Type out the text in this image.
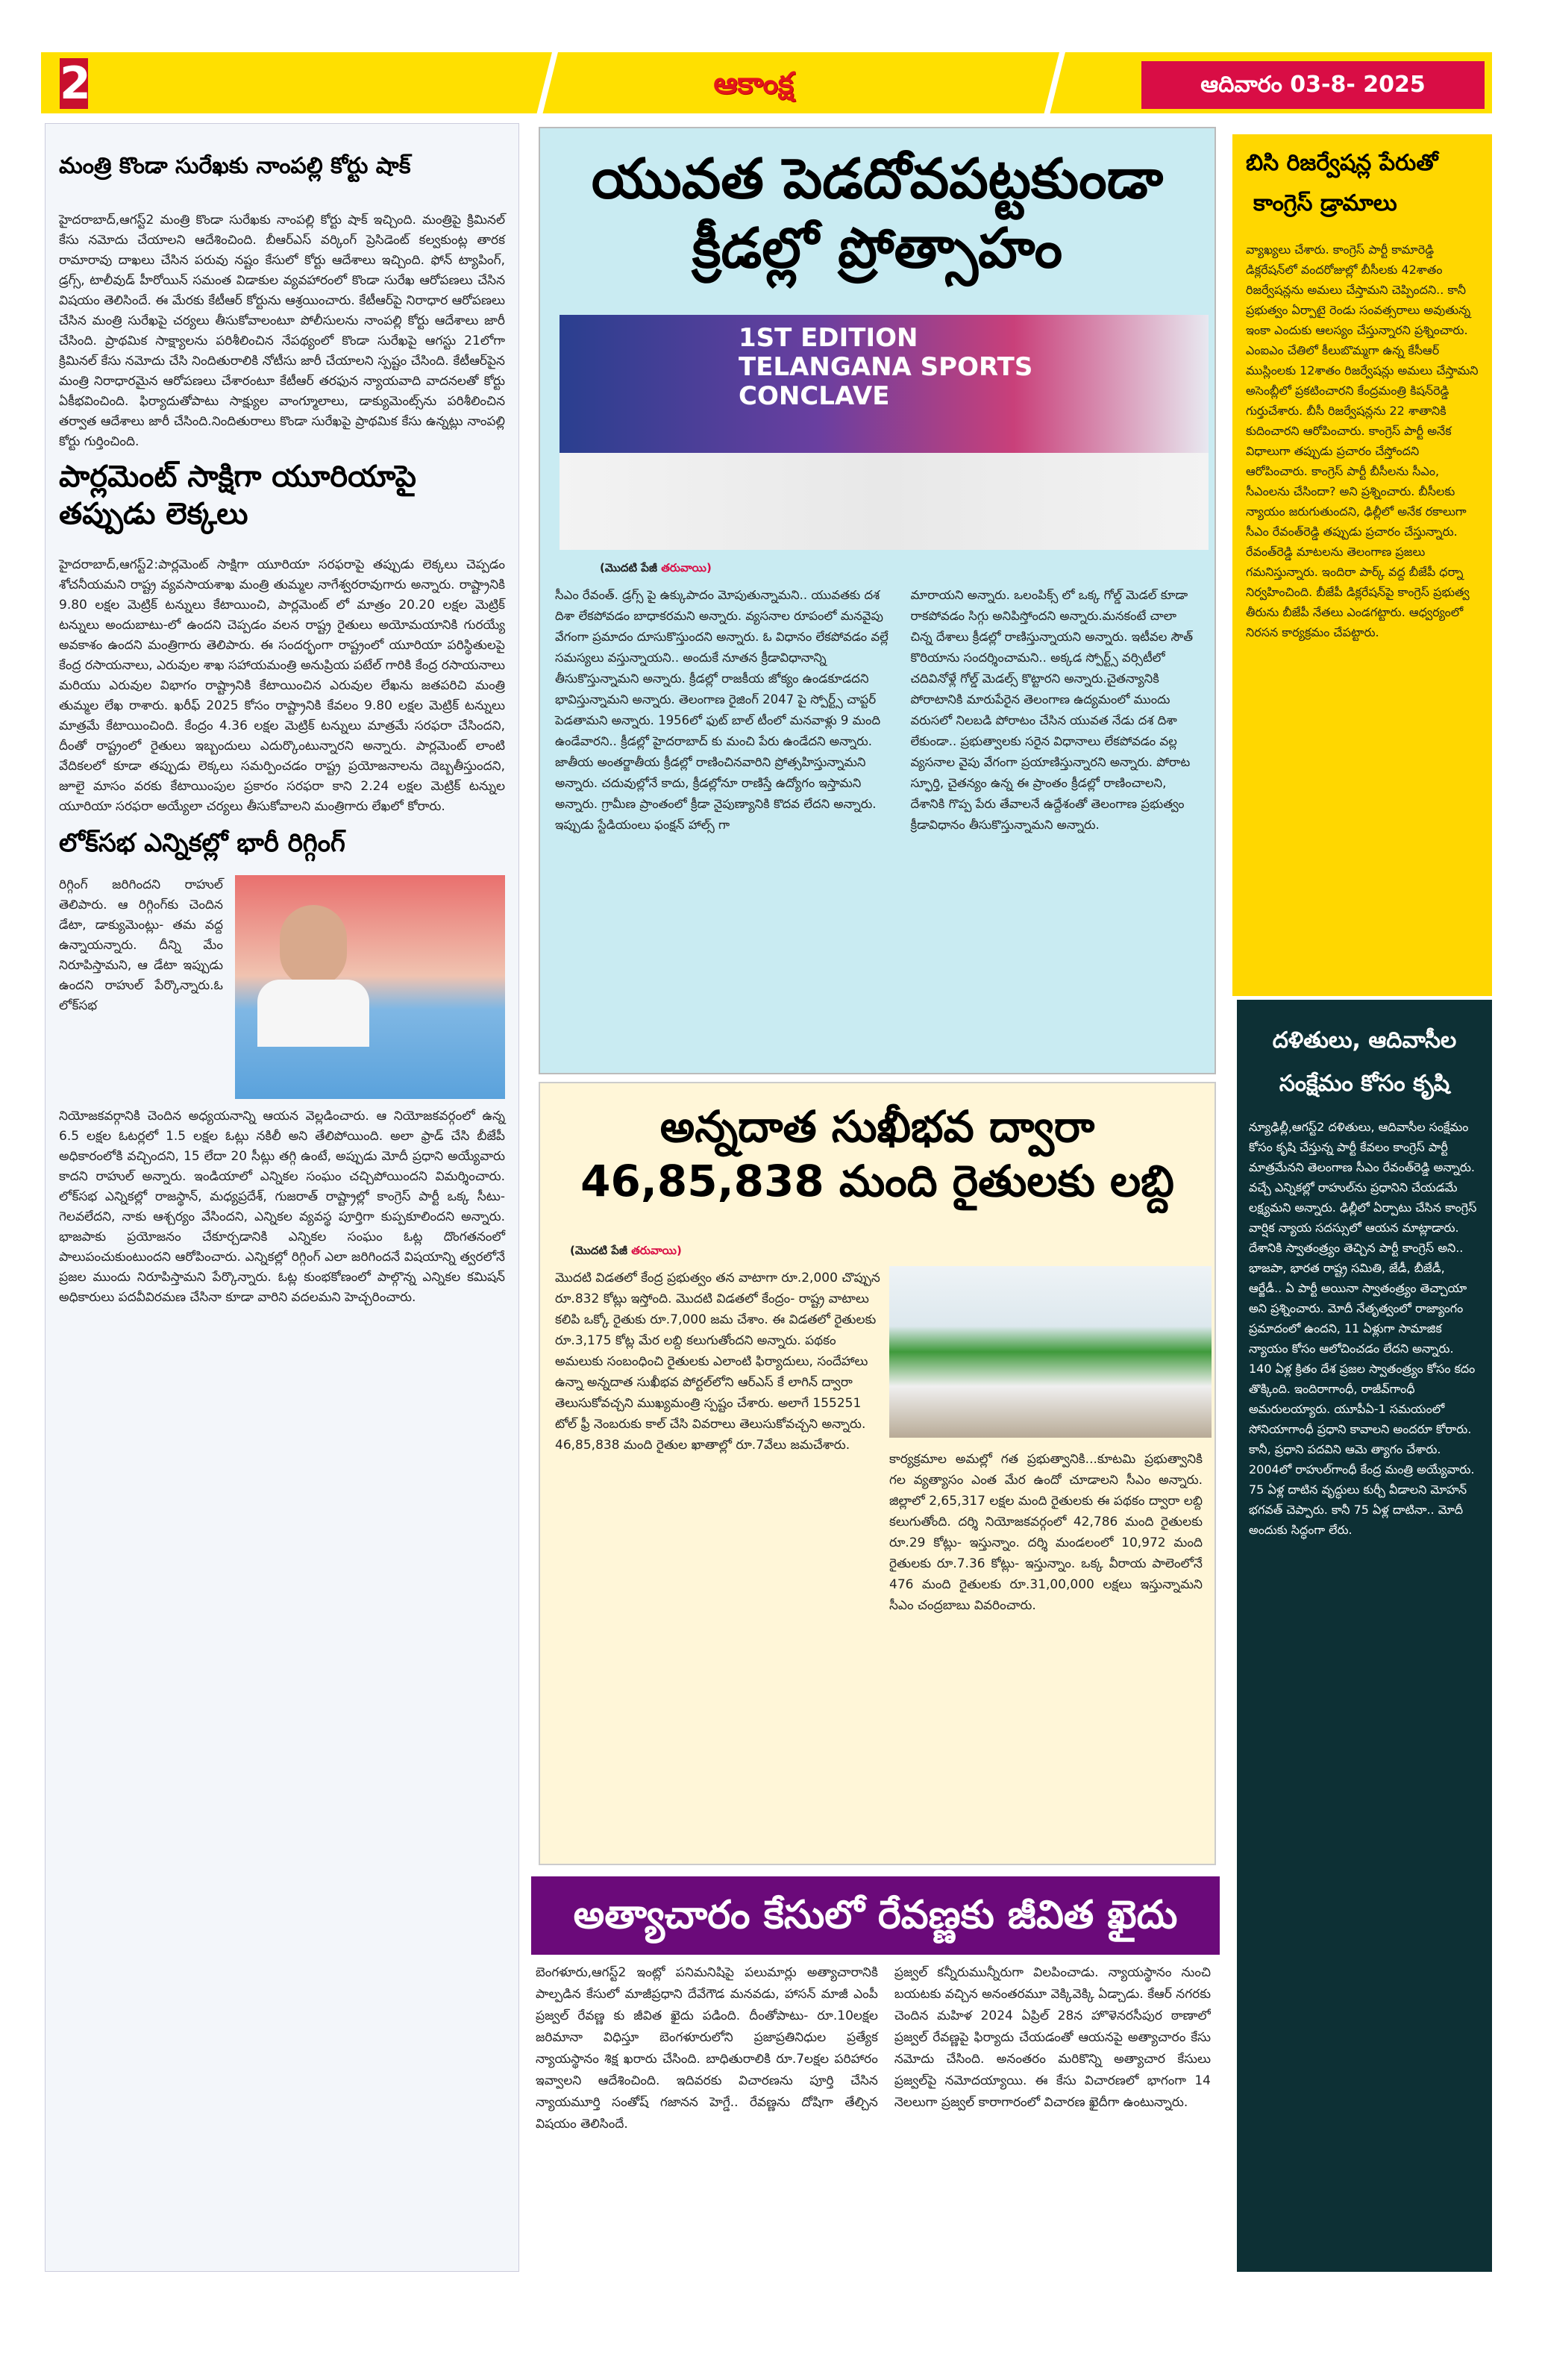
2	ఆకాంక్ష	ఆదివారం 03-8- 2025
మంత్రి కొండా సురేఖకు నాంపల్లి కోర్టు షాక్

హైదరాబాద్,ఆగస్ట్2 మంత్రి కొండా సురేఖకు నాంపల్లి కోర్టు షాక్ ఇచ్చింది. మంత్రిపై క్రిమినల్ కేసు నమోదు చేయాలని ఆదేశించింది. బీఆర్ఎస్ వర్కింగ్ ప్రెసిడెంట్ కల్వకుంట్ల తారక రామారావు దాఖలు చేసిన పరువు నష్టం కేసులో కోర్టు ఆదేశాలు ఇచ్చింది. ఫోన్ ట్యాపింగ్, డ్రగ్స్, టాలీవుడ్ హీరోయిన్ సమంత విడాకుల వ్యవహారంలో కొండా సురేఖ ఆరోపణలు చేసిన విషయం తెలిసిందే. ఈ మేరకు కేటీఆర్ కోర్టును ఆశ్రయించారు. కేటీఆర్‌పై నిరాధార ఆరోపణలు చేసిన మంత్రి సురేఖపై చర్యలు తీసుకోవాలంటూ పోలీసులను నాంపల్లి కోర్టు ఆదేశాలు జారీ చేసింది. ప్రాథమిక సాక్ష్యాలను పరిశీలించిన నేపథ్యంలో కొండా సురేఖపై ఆగస్టు 21లోగా క్రిమినల్ కేసు నమోదు చేసి నిందితురాలికి నోటీసు జారీ చేయాలని స్పష్టం చేసింది. కేటీఆర్‌పైన మంత్రి నిరాధారమైన ఆరోపణలు చేశారంటూ కేటీఆర్ తరఫున న్యాయవాది వాదనలతో కోర్టు ఏకీభవించింది. ఫిర్యాదుతోపాటు సాక్ష్యుల వాంగ్మూలాలు, డాక్యుమెంట్స్‌ను పరిశీలించిన తర్వాత ఆదేశాలు జారీ చేసింది.నిందితురాలు కొండా సురేఖపై ప్రాథమిక కేసు ఉన్నట్లు నాంపల్లి కోర్టు గుర్తించింది.

పార్లమెంట్ సాక్షిగా యూరియాపై తప్పుడు లెక్కలు

హైదరాబాద్,ఆగస్ట్2:పార్లమెంట్ సాక్షిగా యూరియా సరఫరాపై తప్పుడు లెక్కలు చెప్పడం శోచనీయమని రాష్ట్ర వ్యవసాయశాఖ మంత్రి తుమ్మల నాగేశ్వరరావుగారు అన్నారు. రాష్ట్రానికి 9.80 లక్షల మెట్రిక్ టన్నులు కేటాయించి, పార్లమెంట్ లో మాత్రం 20.20 లక్షల మెట్రిక్ టన్నులు అందుబాటు-లో ఉందని చెప్పడం వలన రాష్ట్ర రైతులు అయోమయానికి గురయ్యే అవకాశం ఉందని మంత్రిగారు తెలిపారు. ఈ సందర్భంగా రాష్ట్రంలో యూరియా పరిస్థితులపై కేంద్ర రసాయనాలు, ఎరువుల శాఖ సహాయమంత్రి అనుప్రియ పటేల్ గారికి కేంద్ర రసాయనాలు మరియు ఎరువుల విభాగం రాష్ట్రానికి కేటాయించిన ఎరువుల లేఖను జతపరిచి మంత్రి తుమ్మల లేఖ రాశారు. ఖరీఫ్ 2025 కోసం రాష్ట్రానికి కేవలం 9.80 లక్షల మెట్రిక్ టన్నులు మాత్రమే కేటాయించింది. కేంద్రం 4.36 లక్షల మెట్రిక్ టన్నులు మాత్రమే సరఫరా చేసిందని, దీంతో రాష్ట్రంలో రైతులు ఇబ్బందులు ఎదుర్కొంటున్నారని అన్నారు. పార్లమెంట్ లాంటి వేదికలలో కూడా తప్పుడు లెక్కలు సమర్పించడం రాష్ట్ర ప్రయోజనాలను దెబ్బతీస్తుందని, జూలై మాసం వరకు కేటాయింపుల ప్రకారం సరఫరా కాని 2.24 లక్షల మెట్రిక్ టన్నుల యూరియా సరఫరా అయ్యేలా చర్యలు తీసుకోవాలని మంత్రిగారు లేఖలో కోరారు.

లోక్‌సభ ఎన్నికల్లో భారీ రిగ్గింగ్

రిగ్గింగ్ జరిగిందని రాహుల్ తెలిపారు. ఆ రిగ్గింగ్‌కు చెందిన డేటా, డాక్యుమెంట్లు- తమ వద్ద ఉన్నాయన్నారు. దీన్ని మేం నిరూపిస్తామని, ఆ డేటా ఇప్పుడు ఉందని రాహుల్ పేర్కొన్నారు.ఓ లోక్‌సభ

నియోజకవర్గానికి చెందిన అధ్యయనాన్ని ఆయన వెల్లడించారు. ఆ నియోజకవర్గంలో ఉన్న 6.5 లక్షల ఓటర్లలో 1.5 లక్షల ఓట్లు నకిలీ అని తేలిపోయింది. అలా ఫ్రాడ్ చేసి బీజేపీ అధికారంలోకి వచ్చిందని, 15 లేదా 20 సీట్లు తగ్గి ఉంటే, అప్పుడు మోదీ ప్రధాని అయ్యేవారు కాదని రాహుల్ అన్నారు. ఇండియాలో ఎన్నికల సంఘం చచ్చిపోయిందని విమర్శించారు. లోక్‌సభ ఎన్నికల్లో రాజస్థాన్, మధ్యప్రదేశ్, గుజరాత్ రాష్ట్రాల్లో కాంగ్రెస్ పార్టీ ఒక్క సీటు- గెలవలేదని, నాకు ఆశ్చర్యం వేసిందని, ఎన్నికల వ్యవస్థ పూర్తిగా కుప్పకూలిందని అన్నారు. భాజపాకు ప్రయోజనం చేకూర్చడానికి ఎన్నికల సంఘం ఓట్ల దొంగతనంలో పాలుపంచుకుంటుందని ఆరోపించారు. ఎన్నికల్లో రిగ్గింగ్ ఎలా జరిగిందనే విషయాన్ని త్వరలోనే ప్రజల ముందు నిరూపిస్తామని పేర్కొన్నారు. ఓట్ల కుంభకోణంలో పాల్గొన్న ఎన్నికల కమిషన్ అధికారులు పదవీవిరమణ చేసినా కూడా వారిని వదలమని హెచ్చరించారు.

యువత పెడదోవపట్టకుండా
క్రీడల్లో ప్రోత్సాహం
1ST EDITION TELANGANA SPORTS CONCLAVE
(మొదటి పేజీ తరువాయి)

సీఎం రేవంత్. డ్రగ్స్ పై ఉక్కుపాదం మోపుతున్నామని.. యువతకు దశ దిశా లేకపోవడం బాధాకరమని అన్నారు. వ్యసనాల రూపంలో మనవైపు వేగంగా ప్రమాదం దూసుకొస్తుందని అన్నారు. ఓ విధానం లేకపోవడం వల్లే సమస్యలు వస్తున్నాయని.. అందుకే నూతన క్రీడావిధానాన్ని తీసుకొస్తున్నామని అన్నారు. క్రీడల్లో రాజకీయ జోక్యం ఉండకూడదని భావిస్తున్నామని అన్నారు. తెలంగాణ రైజింగ్ 2047 పై స్పోర్ట్స్ చాప్టర్ పెడతామని అన్నారు. 1956లో ఫుట్ బాల్ టీంలో మనవాళ్లు 9 మంది ఉండేవారని.. క్రీడల్లో హైదరాబాద్ కు మంచి పేరు ఉండేదని అన్నారు. జాతీయ అంతర్జాతీయ క్రీడల్లో రాణించినవారిని ప్రోత్సహిస్తున్నామని అన్నారు. చదువుల్లోనే కాదు, క్రీడల్లోనూ రాణిస్తే ఉద్యోగం ఇస్తామని అన్నారు. గ్రామీణ ప్రాంతంలో క్రీడా నైపుణ్యానికి కొదవ లేదని అన్నారు. ఇప్పుడు స్టేడియంలు ఫంక్షన్ హాల్స్ గా

మారాయని అన్నారు. ఒలంపిక్స్ లో ఒక్క గోల్డ్ మెడల్ కూడా రాకపోవడం సిగ్గు అనిపిస్తోందని అన్నారు.మనకంటే చాలా చిన్న దేశాలు క్రీడల్లో రాణిస్తున్నాయని అన్నారు. ఇటీవల సౌత్ కొరియాను సందర్శించామని.. అక్కడ స్పోర్ట్స్ వర్సిటీలో చదివినోళ్లే గోల్డ్ మెడల్స్ కొట్టారని అన్నారు.చైతన్యానికి పోరాటానికి మారుపేరైన తెలంగాణ ఉద్యమంలో ముందు వరుసలో నిలబడి పోరాటం చేసిన యువత నేడు దశ దిశా లేకుండా.. ప్రభుత్వాలకు సరైన విధానాలు లేకపోవడం వల్ల వ్యసనాల వైపు వేగంగా ప్రయాణిస్తున్నారని అన్నారు. పోరాట స్ఫూర్తి, చైతన్యం ఉన్న ఈ ప్రాంతం క్రీడల్లో రాణించాలని, దేశానికి గొప్ప పేరు తేవాలనే ఉద్దేశంతో తెలంగాణ ప్రభుత్వం క్రీడావిధానం తీసుకొస్తున్నామని అన్నారు.

అన్నదాత సుఖీభవ ద్వారా
46,85,838 మంది రైతులకు లబ్ది
(మొదటి పేజీ తరువాయి)

మొదటి విడతలో కేంద్ర ప్రభుత్వం తన వాటాగా రూ.2,000 చొప్పున రూ.832 కోట్లు ఇస్తోంది. మొదటి విడతలో కేంద్రం- రాష్ట్ర వాటాలు కలిపి ఒక్కో రైతుకు రూ.7,000 జమ చేశాం. ఈ విడతలో రైతులకు రూ.3,175 కోట్ల మేర లబ్ది కలుగుతోందని అన్నారు. పథకం అమలుకు సంబంధించి రైతులకు ఎలాంటి ఫిర్యాదులు, సందేహాలు ఉన్నా అన్నదాత సుఖీభవ పోర్టల్‌లోని ఆర్ఎస్ కే లాగిన్ ద్వారా తెలుసుకోవచ్చని ముఖ్యమంత్రి స్పష్టం చేశారు. అలాగే 155251 టోల్ ఫ్రీ నెంబరుకు కాల్ చేసి వివరాలు తెలుసుకోవచ్చని అన్నారు. 46,85,838 మంది రైతుల ఖాతాల్లో రూ.7వేలు జమచేశారు.

కార్యక్రమాల అమల్లో గత ప్రభుత్వానికి...కూటమి ప్రభుత్వానికి గల వ్యత్యాసం ఎంత మేర ఉందో చూడాలని సీఎం అన్నారు. జిల్లాలో 2,65,317 లక్షల మంది రైతులకు ఈ పథకం ద్వారా లబ్ది కలుగుతోంది. దర్శి నియోజకవర్గంలో 42,786 మంది రైతులకు రూ.29 కోట్లు- ఇస్తున్నాం. దర్శి మండలంలో 10,972 మంది రైతులకు రూ.7.36 కోట్లు- ఇస్తున్నాం. ఒక్క వీరాయ పాలెంలోనే 476 మంది రైతులకు రూ.31,00,000 లక్షలు ఇస్తున్నామని సీఎం చంద్రబాబు వివరించారు.

అత్యాచారం కేసులో రేవణ్ణకు జీవిత ఖైదు

బెంగళూరు,ఆగస్ట్2 ఇంట్లో పనిమనిషిపై పలుమార్లు అత్యాచారానికి పాల్పడిన కేసులో మాజీప్రధాని దేవేగౌడ మనవడు, హాసన్ మాజీ ఎంపీ ప్రజ్వల్ రేవణ్ణ కు జీవిత ఖైదు పడింది. దీంతోపాటు- రూ.10లక్షల జరిమానా విధిస్తూ బెంగళూరులోని ప్రజాప్రతినిధుల ప్రత్యేక న్యాయస్థానం శిక్ష ఖరారు చేసింది. బాధితురాలికి రూ.7లక్షల పరిహారం ఇవ్వాలని ఆదేశించింది. ఇదివరకు విచారణను పూర్తి చేసిన న్యాయమూర్తి సంతోష్ గజానన హెగ్డే.. రేవణ్ణను దోషిగా తేల్చిన విషయం తెలిసిందే.

ప్రజ్వల్ కన్నీరుమున్నీరుగా విలపించాడు. న్యాయస్థానం నుంచి బయటకు వచ్చిన అనంతరమూ వెక్కివెక్కి ఏడ్చాడు. కేఆర్ నగరకు చెందిన మహిళ 2024 ఏప్రిల్ 28న హొళెనరసీపుర ఠాణాలో ప్రజ్వల్ రేవణ్ణపై ఫిర్యాదు చేయడంతో ఆయనపై అత్యాచారం కేసు నమోదు చేసింది. అనంతరం మరికొన్ని అత్యాచార కేసులు ప్రజ్వల్‌పై నమోదయ్యాయి. ఈ కేసు విచారణలో భాగంగా 14 నెలలుగా ప్రజ్వల్ కారాగారంలో విచారణ ఖైదీగా ఉంటున్నారు.

బిసి రిజర్వేషన్ల పేరుతో
కాంగ్రెస్ డ్రామాలు

వ్యాఖ్యలు చేశారు. కాంగ్రెస్ పార్టీ కామారెడ్డి డిక్లరేషన్‌లో వందరోజుల్లో బీసీలకు 42శాతం రిజర్వేషన్లను అమలు చేస్తామని చెప్పిందని.. కానీ ప్రభుత్వం ఏర్పాటై రెండు సంవత్సరాలు అవుతున్న ఇంకా ఎందుకు ఆలస్యం చేస్తున్నారని ప్రశ్నించారు. ఎంఐఎం చేతిలో కీలుబొమ్మగా ఉన్న కేసీఆర్ ముస్లింలకు 12శాతం రిజర్వేషన్లు అమలు చేస్తామని అసెంబ్లీలో ప్రకటించారని కేంద్రమంత్రి కిషన్‌రెడ్డి గుర్తుచేశారు. బీసీ రిజర్వేషన్లను 22 శాతానికి కుదించారని ఆరోపించారు. కాంగ్రెస్ పార్టీ అనేక విధాలుగా తప్పుడు ప్రచారం చేస్తోందని ఆరోపించారు. కాంగ్రెస్ పార్టీ బీసీలను సీఎం, సీఎంలను చేసిందా? అని ప్రశ్నించారు. బీసీలకు న్యాయం జరుగుతుందని, ఢిల్లీలో అనేక రకాలుగా సీఎం రేవంత్‌రెడ్డి తప్పుడు ప్రచారం చేస్తున్నారు. రేవంత్‌రెడ్డి మాటలను తెలంగాణ ప్రజలు గమనిస్తున్నారు. ఇందిరా పార్క్ వద్ద బీజేపీ ధర్నా నిర్వహించింది. బీజేపీ డిక్లరేషన్‌పై కాంగ్రెస్ ప్రభుత్వ తీరును బీజేపీ నేతలు ఎండగట్టారు. ఆధ్వర్యంలో నిరసన కార్యక్రమం చేపట్టారు.

దళితులు, ఆదివాసీల
సంక్షేమం కోసం కృషి

న్యూఢిల్లీ,ఆగస్ట్2 దళితులు, ఆదివాసీల సంక్షేమం కోసం కృషి చేస్తున్న పార్టీ కేవలం కాంగ్రెస్ పార్టీ మాత్రమేనని తెలంగాణ సీఎం రేవంత్‌రెడ్డి అన్నారు. వచ్చే ఎన్నికల్లో రాహుల్‌ను ప్రధానిని చేయడమే లక్ష్యమని అన్నారు. ఢిల్లీలో ఏర్పాటు చేసిన కాంగ్రెస్ వార్షిక న్యాయ సదస్సులో ఆయన మాట్లాడారు. దేశానికి స్వాతంత్ర్యం తెచ్చిన పార్టీ కాంగ్రెస్ అని.. భాజపా, భారత రాష్ట్ర సమితి, జేడీ, బీజేడీ, ఆర్జేడీ.. ఏ పార్టీ అయినా స్వాతంత్ర్యం తెచ్చాయా అని ప్రశ్నించారు. మోదీ నేతృత్వంలో రాజ్యాంగం ప్రమాదంలో ఉందని, 11 ఏళ్లుగా సామాజిక న్యాయం కోసం ఆలోచించడం లేదని అన్నారు. 140 ఏళ్ల క్రితం దేశ ప్రజల స్వాతంత్ర్యం కోసం కదం తొక్కింది. ఇందిరాగాంధీ, రాజీవ్‌గాంధీ అమరులయ్యారు. యూపీఏ-1 సమయంలో సోనియాగాంధీ ప్రధాని కావాలని అందరూ కోరారు. కానీ, ప్రధాని పదవిని ఆమె త్యాగం చేశారు. 2004లో రాహుల్‌గాంధీ కేంద్ర మంత్రి అయ్యేవారు. 75 ఏళ్ల దాటిన వృద్ధులు కుర్చీ వీడాలని మోహన్ భగవత్ చెప్పారు. కానీ 75 ఏళ్ల దాటినా.. మోదీ అందుకు సిద్ధంగా లేరు.
